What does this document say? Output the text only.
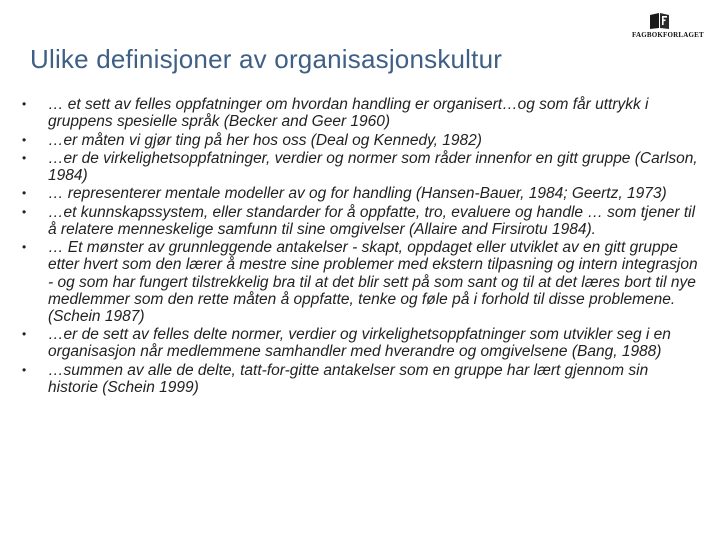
FAGBOKFORLAGET
Ulike definisjoner av organisasjonskultur
•	… et sett av felles oppfatninger om hvordan handling er organisert…og som får uttrykk i gruppens spesielle språk (Becker and Geer 1960)
•	…er måten vi gjør ting på her hos oss (Deal og Kennedy, 1982)
•	…er de virkelighetsoppfatninger, verdier og normer som råder innenfor en gitt gruppe (Carlson, 1984)
•	… representerer mentale modeller av og for handling (Hansen-Bauer, 1984; Geertz, 1973)
•	…et kunnskapssystem, eller standarder for å oppfatte, tro, evaluere og handle … som tjener til å relatere menneskelige samfunn til sine omgivelser (Allaire and Firsirotu 1984).
•	… Et mønster av grunnleggende antakelser - skapt, oppdaget eller utviklet av en gitt gruppe etter hvert som den lærer å mestre sine problemer med ekstern tilpasning og intern integrasjon - og som har fungert tilstrekkelig bra til at det blir sett på som sant og til at det læres bort til nye medlemmer som den rette måten å oppfatte, tenke og føle på i forhold til disse problemene. (Schein 1987)
•	…er de sett av felles delte normer, verdier og virkelighetsoppfatninger som utvikler seg i en organisasjon når medlemmene samhandler med hverandre og omgivelsene (Bang, 1988)
•	…summen av alle de delte, tatt-for-gitte antakelser som en gruppe har lært gjennom sin historie (Schein 1999)
